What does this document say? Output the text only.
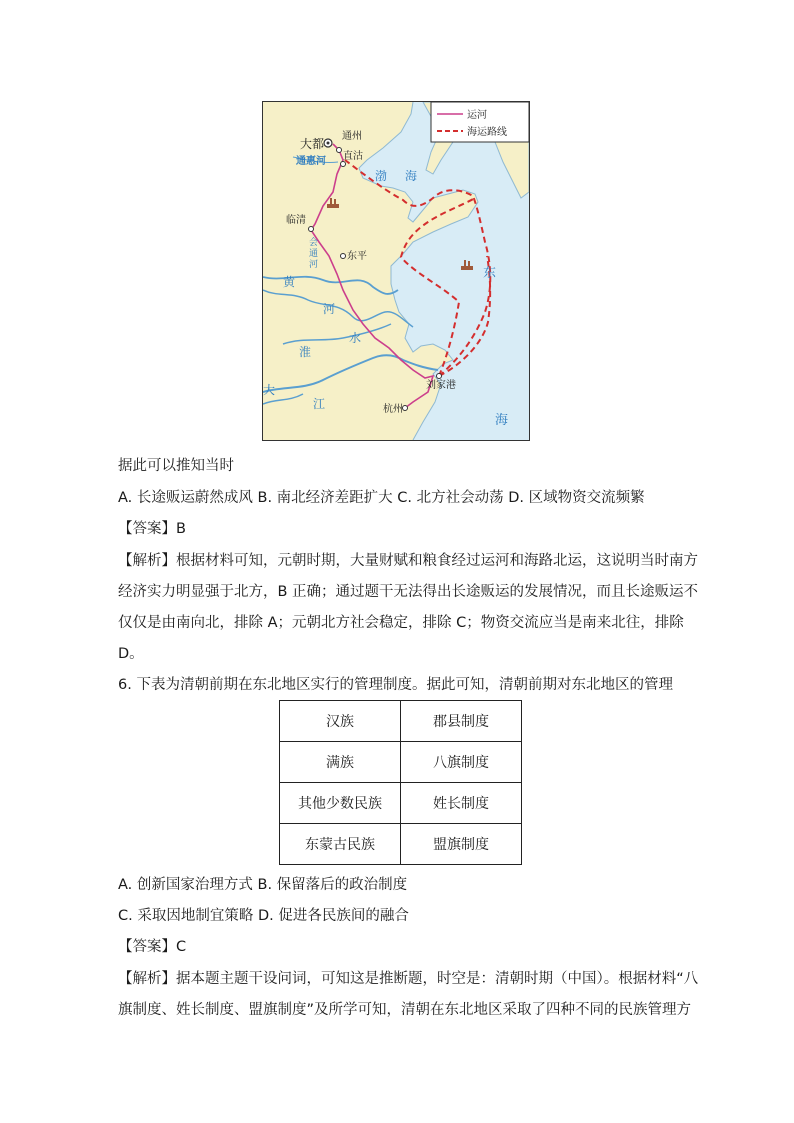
大都
通州
通惠河 直沽
渤 海
临清
会
通
河
东平
黄
河
东
淮
水
大
江
刘家港
杭州
海
运河
海运路线
据此可以推知当时
A. 长途贩运蔚然成风 B. 南北经济差距扩大 C. 北方社会动荡 D. 区域物资交流频繁
【答案】B
【解析】根据材料可知，元朝时期，大量财赋和粮食经过运河和海路北运，这说明当时南方
经济实力明显强于北方，B 正确；通过题干无法得出长途贩运的发展情况，而且长途贩运不
仅仅是由南向北，排除 A；元朝北方社会稳定，排除 C；物资交流应当是南来北往，排除
D。
6. 下表为清朝前期在东北地区实行的管理制度。据此可知，清朝前期对东北地区的管理
汉族	郡县制度
满族	八旗制度
其他少数民族	姓长制度
东蒙古民族	盟旗制度
A. 创新国家治理方式 B. 保留落后的政治制度
C. 采取因地制宜策略 D. 促进各民族间的融合
【答案】C
【解析】据本题主题干设问词，可知这是推断题，时空是：清朝时期（中国）。根据材料“八
旗制度、姓长制度、盟旗制度”及所学可知，清朝在东北地区采取了四种不同的民族管理方
